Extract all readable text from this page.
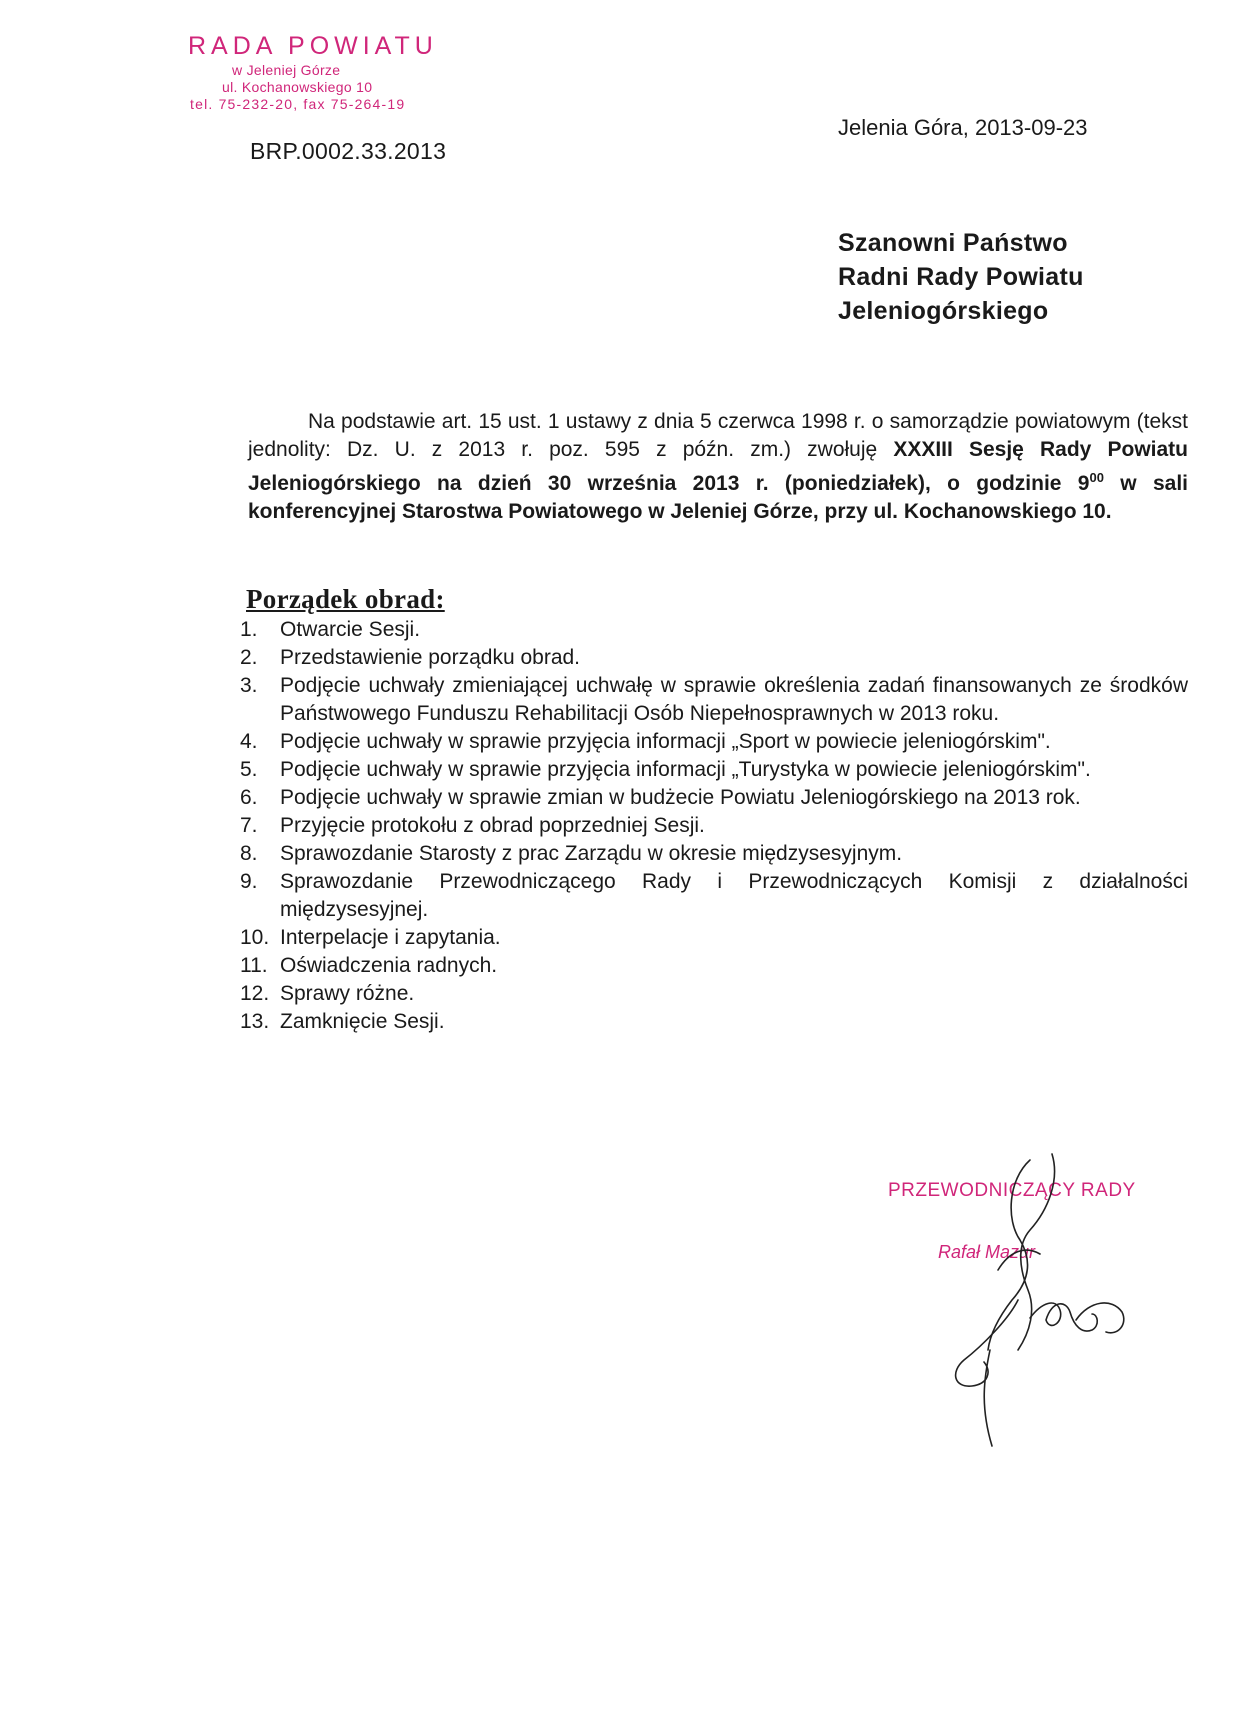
RADA POWIATU
w Jeleniej Górze
ul. Kochanowskiego 10
tel. 75-232-20, fax 75-264-19
BRP.0002.33.2013
Jelenia Góra, 2013-09-23
Szanowni Państwo
Radni Rady Powiatu
Jeleniogórskiego
Na podstawie art. 15 ust. 1 ustawy z dnia 5 czerwca 1998 r. o samorządzie powiatowym (tekst jednolity: Dz. U. z 2013 r. poz. 595 z późn. zm.) zwołuję XXXIII Sesję Rady Powiatu Jeleniogórskiego na dzień 30 września 2013 r. (poniedziałek), o godzinie $9^{00}$ w sali konferencyjnej Starostwa Powiatowego w Jeleniej Górze, przy ul. Kochanowskiego 10.
Porządek obrad:
1.	Otwarcie Sesji.
2.	Przedstawienie porządku obrad.
3.	Podjęcie uchwały zmieniającej uchwałę w sprawie określenia zadań finansowanych ze środków Państwowego Funduszu Rehabilitacji Osób Niepełnosprawnych w 2013 roku.
4.	Podjęcie uchwały w sprawie przyjęcia informacji „Sport w powiecie jeleniogórskim".
5.	Podjęcie uchwały w sprawie przyjęcia informacji „Turystyka w powiecie jeleniogórskim".
6.	Podjęcie uchwały w sprawie zmian w budżecie Powiatu Jeleniogórskiego na 2013 rok.
7.	Przyjęcie protokołu z obrad poprzedniej Sesji.
8.	Sprawozdanie Starosty z prac Zarządu w okresie międzysesyjnym.
9.	Sprawozdanie Przewodniczącego Rady i Przewodniczących Komisji z działalności międzysesyjnej.
10. Interpelacje i zapytania.
11. Oświadczenia radnych.
12. Sprawy różne.
13. Zamknięcie Sesji.
PRZEWODNICZĄCY RADY
Rafał Mazur
